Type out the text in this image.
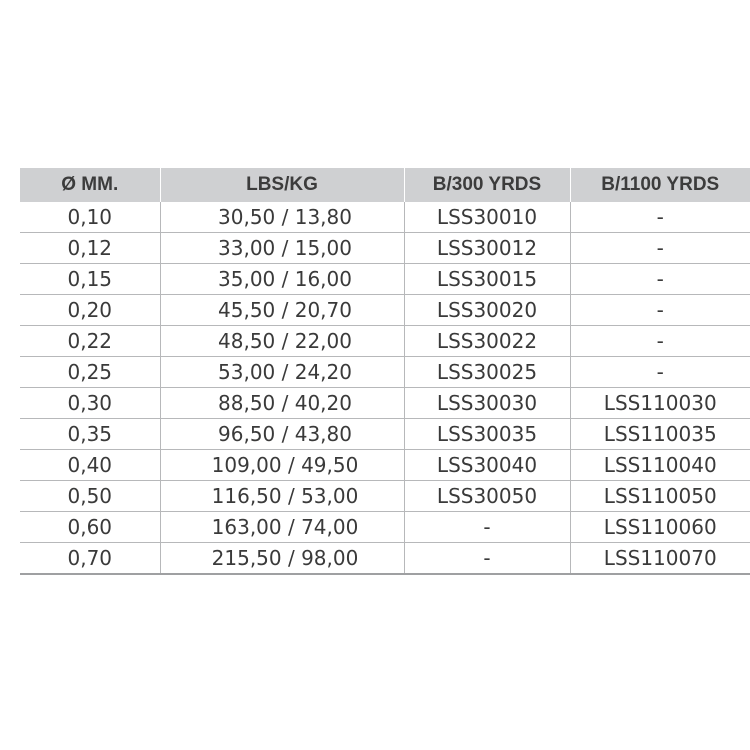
Ø MM.	LBS/KG	B/300 YRDS	B/1100 YRDS
0,10	30,50 / 13,80	LSS30010	-
0,12	33,00 / 15,00	LSS30012	-
0,15	35,00 / 16,00	LSS30015	-
0,20	45,50 / 20,70	LSS30020	-
0,22	48,50 / 22,00	LSS30022	-
0,25	53,00 / 24,20	LSS30025	-
0,30	88,50 / 40,20	LSS30030	LSS110030
0,35	96,50 / 43,80	LSS30035	LSS110035
0,40	109,00 / 49,50	LSS30040	LSS110040
0,50	116,50 / 53,00	LSS30050	LSS110050
0,60	163,00 / 74,00	-	LSS110060
0,70	215,50 / 98,00	-	LSS110070
